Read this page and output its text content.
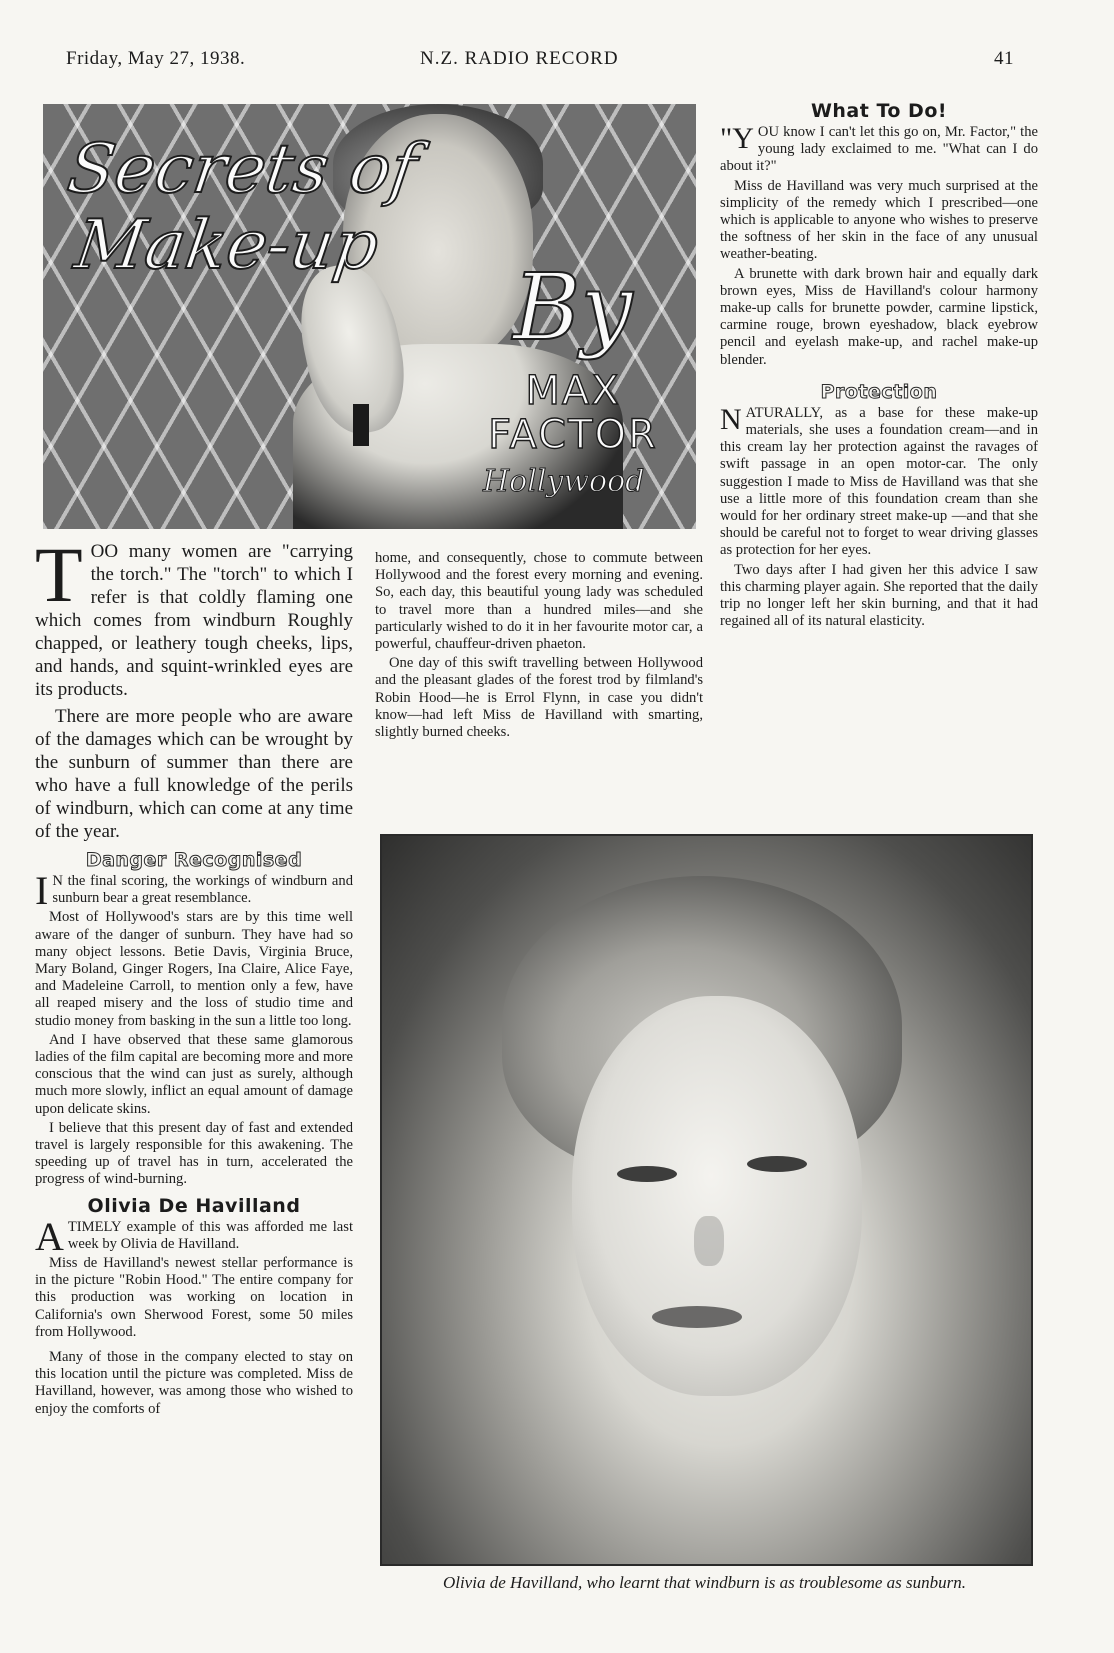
Friday, May 27, 1938.	N.Z. RADIO RECORD	41
Secrets of
Make-up
By
MAX
FACTOR
Hollywood

TOO many women are "carrying the torch." The "torch" to which I refer is that coldly flaming one which comes from windburn Roughly chapped, or leathery tough cheeks, lips, and hands, and squint-wrinkled eyes are its products.

There are more people who are aware of the damages which can be wrought by the sunburn of summer than there are who have a full knowledge of the perils of windburn, which can come at any time of the year.

Danger Recognised

I N the final scoring, the workings of windburn and sunburn bear a great resemblance.

Most of Hollywood's stars are by this time well aware of the danger of sunburn. They have had so many object lessons. Betie Davis, Virginia Bruce, Mary Boland, Ginger Rogers, Ina Claire, Alice Faye, and Madeleine Carroll, to mention only a few, have all reaped misery and the loss of studio time and studio money from basking in the sun a little too long.

And I have observed that these same glamorous ladies of the film capital are becoming more and more conscious that the wind can just as surely, although much more slowly, inflict an equal amount of damage upon delicate skins.

I believe that this present day of fast and extended travel is largely responsible for this awakening. The speeding up of travel has in turn, accelerated the progress of wind-burning.

Olivia De Havilland

ATIMELY example of this was afforded me last week by Olivia de Havilland.

Miss de Havilland's newest stellar performance is in the picture "Robin Hood." The entire company for this production was working on location in California's own Sherwood Forest, some 50 miles from Hollywood.

Many of those in the company elected to stay on this location until the picture was completed. Miss de Havilland, however, was among those who wished to enjoy the comforts of

home, and consequently, chose to commute between Hollywood and the forest every morning and evening. So, each day, this beautiful young lady was scheduled to travel more than a hundred miles—and she particularly wished to do it in her favourite motor car, a powerful, chauffeur-driven phaeton.

One day of this swift travelling between Hollywood and the pleasant glades of the forest trod by filmland's Robin Hood—he is Errol Flynn, in case you didn't know—had left Miss de Havilland with smarting, slightly burned cheeks.

What To Do!

"YOU know I can't let this go on, Mr. Factor," the young lady exclaimed to me. "What can I do about it?"

Miss de Havilland was very much surprised at the simplicity of the remedy which I prescribed—one which is applicable to anyone who wishes to preserve the softness of her skin in the face of any unusual weather-beating.

A brunette with dark brown hair and equally dark brown eyes, Miss de Havilland's colour harmony make-up calls for brunette powder, carmine lipstick, carmine rouge, brown eyeshadow, black eyebrow pencil and eyelash make-up, and rachel make-up blender.

Protection

NATURALLY, as a base for these make-up materials, she uses a foundation cream—and in this cream lay her protection against the ravages of swift passage in an open motor-car. The only suggestion I made to Miss de Havilland was that she use a little more of this foundation cream than she would for her ordinary street make-up —and that she should be careful not to forget to wear driving glasses as protection for her eyes.

Two days after I had given her this advice I saw this charming player again. She reported that the daily trip no longer left her skin burning, and that it had regained all of its natural elasticity.

Olivia de Havilland, who learnt that windburn is as troublesome as sunburn.
